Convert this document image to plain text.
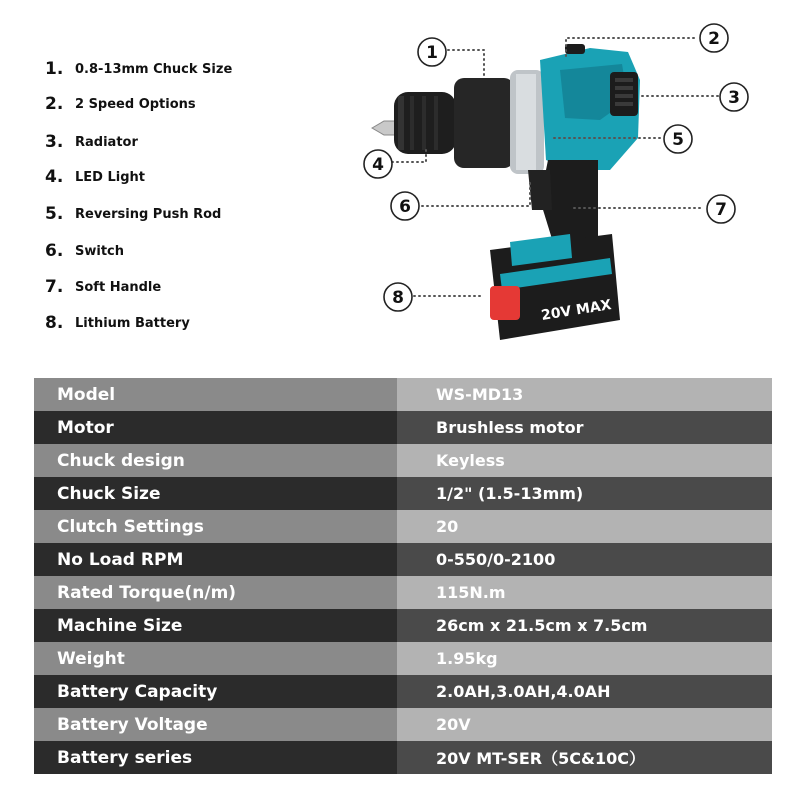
1. 0.8-13mm Chuck Size
2. 2 Speed Options
3. Radiator
4. LED Light
5. Reversing Push Rod
6. Switch
7. Soft Handle
8. Lithium Battery	20V MAX
1
2
3
4
5
6	7
8
Model	WS-MD13
Motor	Brushless motor
Chuck design	Keyless
Chuck Size	1/2" (1.5-13mm)
Clutch Settings	20
No Load RPM	0-550/0-2100
Rated Torque(n/m)	115N.m
Machine Size	26cm x 21.5cm x 7.5cm
Weight	1.95kg
Battery Capacity	2.0AH,3.0AH,4.0AH
Battery Voltage	20V
Battery series	20V MT-SER（5C&10C）
